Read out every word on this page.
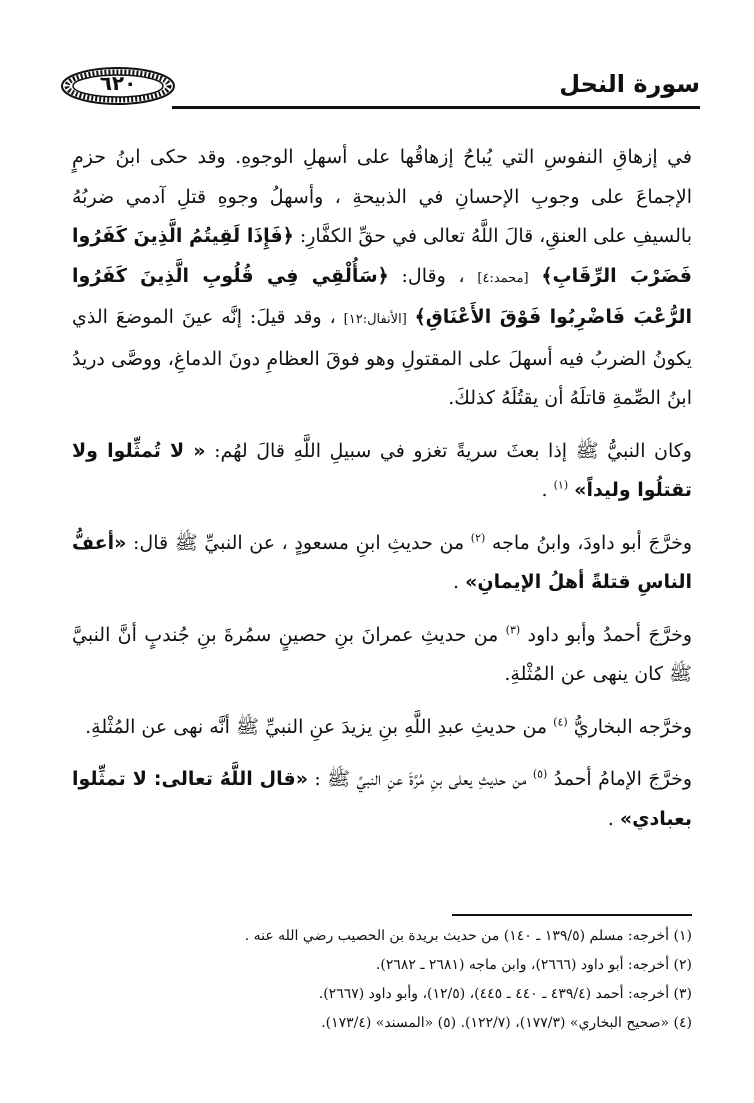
سورة النحل
٦٢٠

في إزهاقِ النفوسِ التي يُباحُ إزهاقُها على أسهلِ الوجوهِ. وقد حكى ابنُ حزمٍ الإجماعَ على وجوبِ الإحسانِ في الذبيحةِ ، وأسهلُ وجوهِ قتلِ آدمي ضربُهُ بالسيفِ على العنقِ، قالَ اللَّهُ تعالى في حقِّ الكفَّارِ: ﴿فَإِذَا لَقِيتُمُ الَّذِينَ كَفَرُوا فَضَرْبَ الرِّقَابِ﴾ [محمد:٤] ، وقال: ﴿سَأُلْقِي فِي قُلُوبِ الَّذِينَ كَفَرُوا الرُّعْبَ فَاضْرِبُوا فَوْقَ الأَعْنَاقِ﴾ [الأنفال:١٢] ، وقد قيلَ: إنَّه عينَ الموضعَ الذي يكونُ الضربُ فيه أسهلَ على المقتولِ وهو فوقَ العظامِ دونَ الدماغِ، ووصَّى دريدُ ابنُ الصِّمةِ قاتلَهُ أن يقتُلَهُ كذلكَ.

وكان النبيُّ ﷺ إذا بعثَ سريةً تغزو في سبيلِ اللَّهِ قالَ لهُم: « لا تُمثِّلوا ولا تقتلُوا وليداً» $^{(١)}$ .

وخرَّجَ أبو داودَ، وابنُ ماجه $^{(٢)}$ من حديثِ ابنِ مسعودٍ ، عن النبيِّ ﷺ قال: «أعفُّ الناسِ قتلةً أهلُ الإيمانِ» .

وخرَّجَ أحمدُ وأبو داود $^{(٣)}$ من حديثِ عمرانَ بنِ حصينٍ سمُرةَ بنِ جُندبٍ أنَّ النبيَّ ﷺ كان ينهى عن المُثْلةِ.

وخرَّجه البخاريُّ $^{(٤)}$ من حديثِ عبدِ اللَّهِ بنِ يزيدَ عنِ النبيِّ ﷺ أنَّه نهى عن المُثْلةِ.

وخرَّجَ الإمامُ أحمدُ $^{(٥)}$ من حديثِ يعلى بنِ مُرَّةَ عنِ النبيِّ ﷺ : «قال اللَّهُ تعالى: لا تمثِّلوا بعبادي» .

(١) أخرجه: مسلم (١٣٩/٥ ـ ١٤٠) من حديث بريدة بن الحصيب رضي الله عنه .

(٢) أخرجه: أبو داود (٢٦٦٦)، وابن ماجه (٢٦٨١ ـ ٢٦٨٢).

(٣) أخرجه: أحمد (٤٣٩/٤ ـ ٤٤٠ ـ ٤٤٥)، (١٢/٥)، وأبو داود (٢٦٦٧).

(٤) «صحيح البخاري» (١٧٧/٣)، (١٢٢/٧). (٥) «المسند» (١٧٣/٤).
